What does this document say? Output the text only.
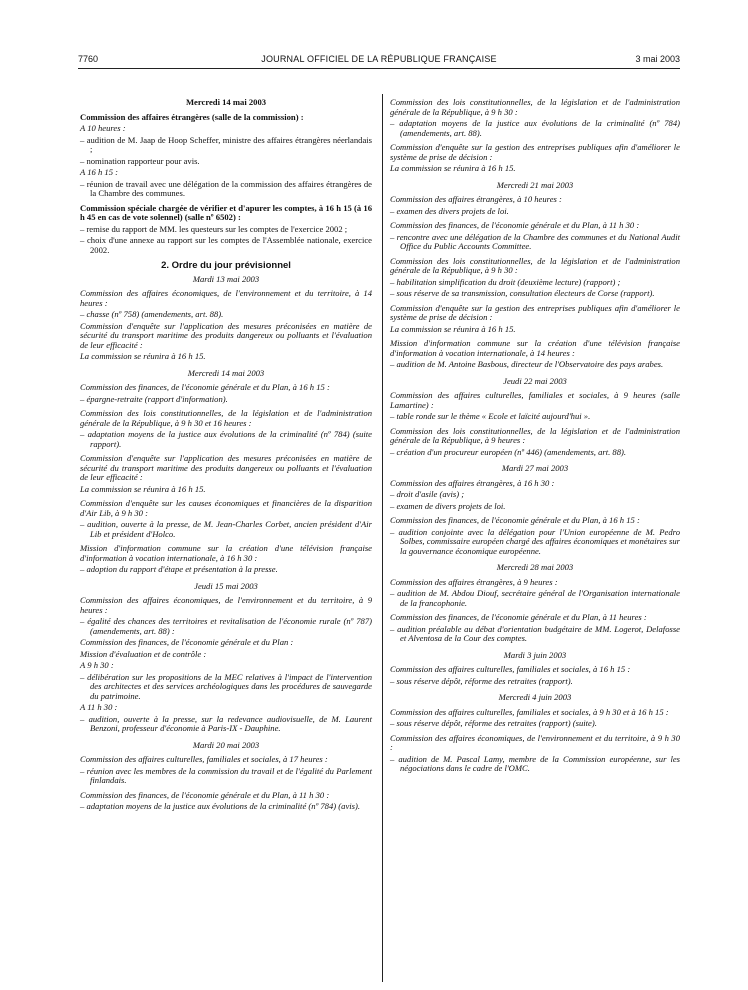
7760	JOURNAL OFFICIEL DE LA RÉPUBLIQUE FRANÇAISE	3 mai 2003
Mercredi 14 mai 2003

Commission des affaires étrangères (salle de la commission) :

A 10 heures :

– audition de M. Jaap de Hoop Scheffer, ministre des affaires étrangères néerlandais ;

– nomination rapporteur pour avis.

A 16 h 15 :

– réunion de travail avec une délégation de la commission des affaires étrangères de la Chambre des communes.

Commission spéciale chargée de vérifier et d'apurer les comptes, à 16 h 15 (à 16 h 45 en cas de vote solennel) (salle nº 6502) :

– remise du rapport de MM. les questeurs sur les comptes de l'exercice 2002 ;

– choix d'une annexe au rapport sur les comptes de l'Assemblée nationale, exercice 2002.

2. Ordre du jour prévisionnel
Mardi 13 mai 2003

Commission des affaires économiques, de l'environnement et du territoire, à 14 heures :

– chasse (nº 758) (amendements, art. 88).

Commission d'enquête sur l'application des mesures préconisées en matière de sécurité du transport maritime des produits dangereux ou polluants et l'évaluation de leur efficacité :

La commission se réunira à 16 h 15.

Mercredi 14 mai 2003

Commission des finances, de l'économie générale et du Plan, à 16 h 15 :

– épargne-retraite (rapport d'information).

Commission des lois constitutionnelles, de la législation et de l'administration générale de la République, à 9 h 30 et 16 heures :

– adaptation moyens de la justice aux évolutions de la criminalité (nº 784) (suite rapport).

Commission d'enquête sur l'application des mesures préconisées en matière de sécurité du transport maritime des produits dangereux ou polluants et l'évaluation de leur efficacité :

La commission se réunira à 16 h 15.

Commission d'enquête sur les causes économiques et financières de la disparition d'Air Lib, à 9 h 30 :

– audition, ouverte à la presse, de M. Jean-Charles Corbet, ancien président d'Air Lib et président d'Holco.

Mission d'information commune sur la création d'une télévision française d'information à vocation internationale, à 16 h 30 :

– adoption du rapport d'étape et présentation à la presse.

Jeudi 15 mai 2003

Commission des affaires économiques, de l'environnement et du territoire, à 9 heures :

– égalité des chances des territoires et revitalisation de l'économie rurale (nº 787) (amendements, art. 88) :

Commission des finances, de l'économie générale et du Plan :

Mission d'évaluation et de contrôle :

A 9 h 30 :

– délibération sur les propositions de la MEC relatives à l'impact de l'intervention des architectes et des services archéologiques dans les procédures de sauvegarde du patrimoine.

A 11 h 30 :

– audition, ouverte à la presse, sur la redevance audiovisuelle, de M. Laurent Benzoni, professeur d'économie à Paris-IX - Dauphine.

Mardi 20 mai 2003

Commission des affaires culturelles, familiales et sociales, à 17 heures :

– réunion avec les membres de la commission du travail et de l'égalité du Parlement finlandais.

Commission des finances, de l'économie générale et du Plan, à 11 h 30 :

– adaptation moyens de la justice aux évolutions de la criminalité (nº 784) (avis).

Commission des lois constitutionnelles, de la législation et de l'administration générale de la République, à 9 h 30 :

– adaptation moyens de la justice aux évolutions de la criminalité (nº 784) (amendements, art. 88).

Commission d'enquête sur la gestion des entreprises publiques afin d'améliorer le système de prise de décision :

La commission se réunira à 16 h 15.

Mercredi 21 mai 2003

Commission des affaires étrangères, à 10 heures :

– examen des divers projets de loi.

Commission des finances, de l'économie générale et du Plan, à 11 h 30 :

– rencontre avec une délégation de la Chambre des communes et du National Audit Office du Public Accounts Committee.

Commission des lois constitutionnelles, de la législation et de l'administration générale de la République, à 9 h 30 :

– habilitation simplification du droit (deuxième lecture) (rapport) ;

– sous réserve de sa transmission, consultation électeurs de Corse (rapport).

Commission d'enquête sur la gestion des entreprises publiques afin d'améliorer le système de prise de décision :

La commission se réunira à 16 h 15.

Mission d'information commune sur la création d'une télévision française d'information à vocation internationale, à 14 heures :

– audition de M. Antoine Basbous, directeur de l'Observatoire des pays arabes.

Jeudi 22 mai 2003

Commission des affaires culturelles, familiales et sociales, à 9 heures (salle Lamartine) :

– table ronde sur le thème « Ecole et laïcité aujourd'hui ».

Commission des lois constitutionnelles, de la législation et de l'administration générale de la République, à 9 heures :

– création d'un procureur européen (nº 446) (amendements, art. 88).

Mardi 27 mai 2003

Commission des affaires étrangères, à 16 h 30 :

– droit d'asile (avis) ;

– examen de divers projets de loi.

Commission des finances, de l'économie générale et du Plan, à 16 h 15 :

– audition conjointe avec la délégation pour l'Union européenne de M. Pedro Solbes, commissaire européen chargé des affaires économiques et monétaires sur la gouvernance économique européenne.

Mercredi 28 mai 2003

Commission des affaires étrangères, à 9 heures :

– audition de M. Abdou Diouf, secrétaire général de l'Organisation internationale de la francophonie.

Commission des finances, de l'économie générale et du Plan, à 11 heures :

– audition préalable au débat d'orientation budgétaire de MM. Logerot, Delafosse et Alventosa de la Cour des comptes.

Mardi 3 juin 2003

Commission des affaires culturelles, familiales et sociales, à 16 h 15 :

– sous réserve dépôt, réforme des retraites (rapport).

Mercredi 4 juin 2003

Commission des affaires culturelles, familiales et sociales, à 9 h 30 et à 16 h 15 :

– sous réserve dépôt, réforme des retraites (rapport) (suite).

Commission des affaires économiques, de l'environnement et du territoire, à 9 h 30 :

– audition de M. Pascal Lamy, membre de la Commission européenne, sur les négociations dans le cadre de l'OMC.
